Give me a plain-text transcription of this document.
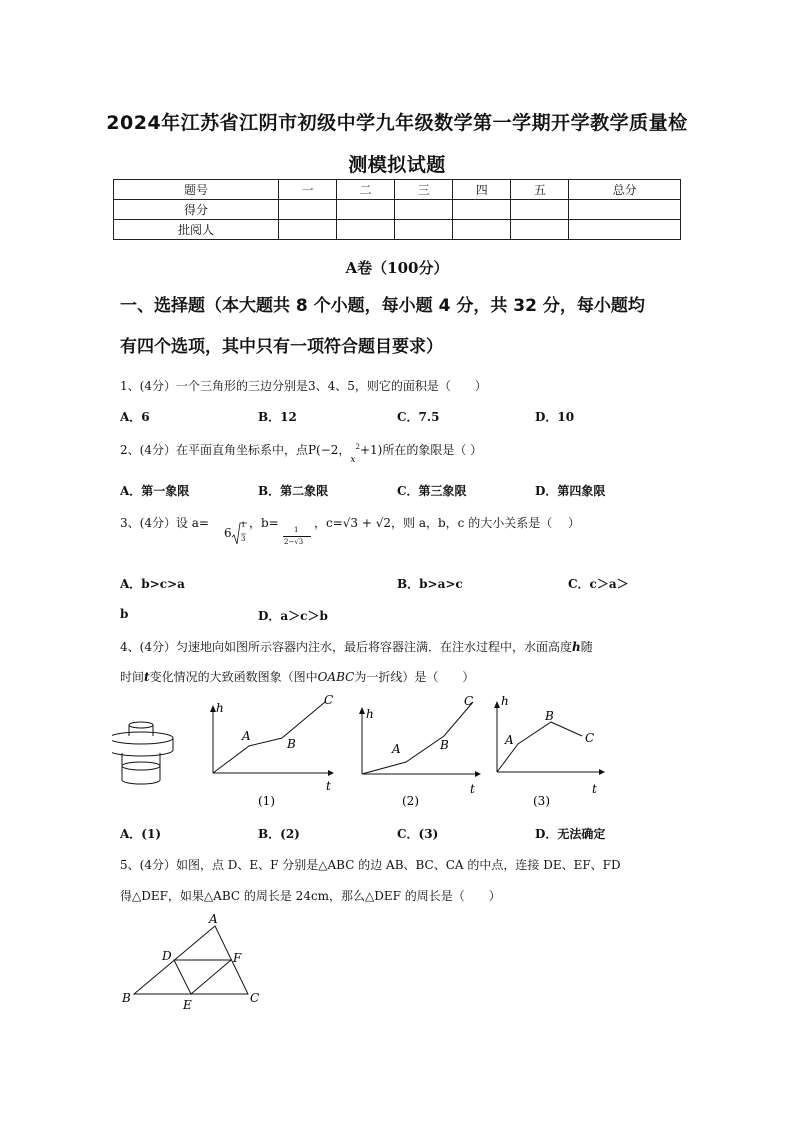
2024年江苏省江阴市初级中学九年级数学第一学期开学教学质量检
测模拟试题
题号	一	二	三	四	五	总分
得分						
批阅人						
A卷（100分）
一、选择题（本大题共 8 个小题，每小题 4 分，共 32 分，每小题均
有四个选项，其中只有一项符合题目要求）
1、(4分）一个三角形的三边分别是3、4、5，则它的面积是（　　）
A．6	B．12	C．7.5	D．10
2、(4分）在平面直角坐标系中，点P(−2，$_x^2$+1)所在的象限是（ ）
A．第一象限	B．第二象限	C．第三象限	D．第四象限
3、(4分）设 a=
6
1
3
，b= 1
2−√3
，c=√3 + √2，则 a，b，c 的大小关系是（　 ）
A．b>c>a	B．b>a>c	C．c＞a＞
b	D．a＞c＞b
4、(4分）匀速地向如图所示容器内注水，最后将容器注满．在注水过程中，水面高度h随
时间t变化情况的大致函数图象（图中OABC为一折线）是（　　）
h
t
A
B
C
(1)
h
t
A	B
C
(2)
h
t
A
B
C
(3)
A．(1)	B．(2)	C．(3)	D．无法确定
5、(4分）如图，点 D、E、F 分别是△ABC 的边 AB、BC、CA 的中点，连接 DE、EF、FD
得△DEF，如果△ABC 的周长是 24cm，那么△DEF 的周长是（　　）
A
B	C
D
E
F
